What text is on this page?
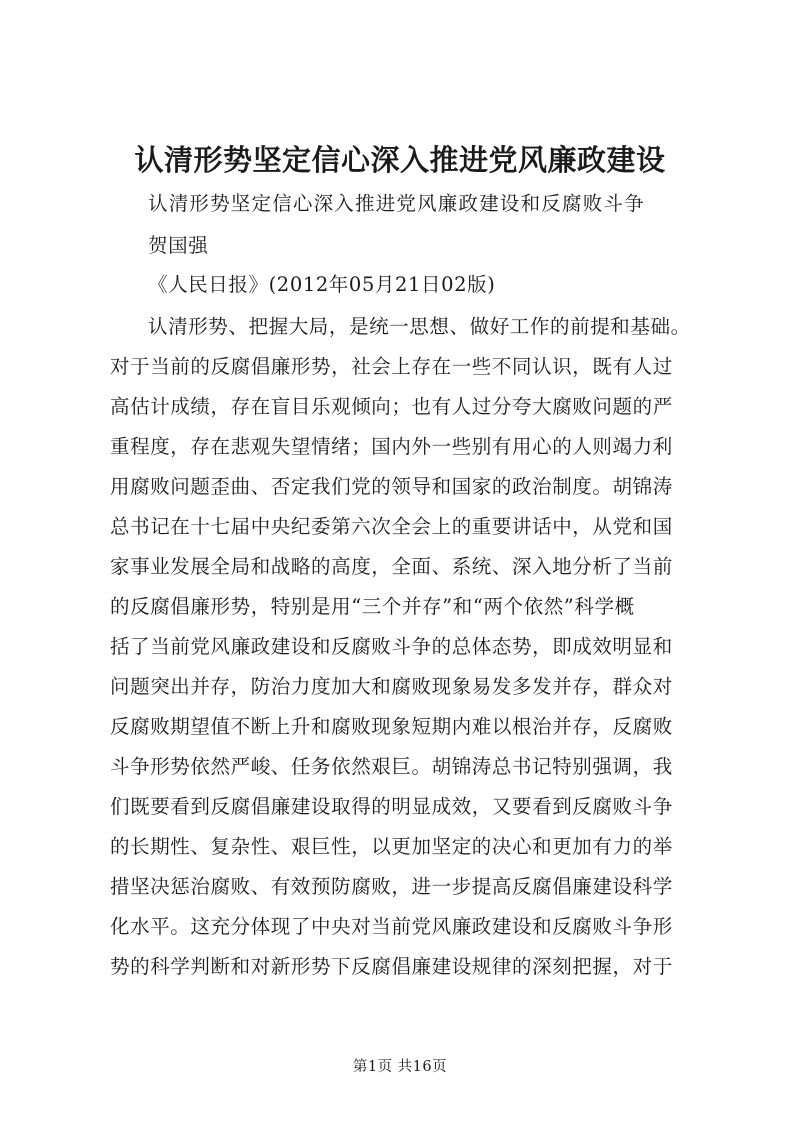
认清形势坚定信心深入推进党风廉政建设
认清形势坚定信心深入推进党风廉政建设和反腐败斗争
贺国强
《人民日报》(2012年05月21日02版)
认清形势、把握大局，是统一思想、做好工作的前提和基础。
对于当前的反腐倡廉形势，社会上存在一些不同认识，既有人过
高估计成绩，存在盲目乐观倾向；也有人过分夸大腐败问题的严
重程度，存在悲观失望情绪；国内外一些别有用心的人则竭力利
用腐败问题歪曲、否定我们党的领导和国家的政治制度。胡锦涛
总书记在十七届中央纪委第六次全会上的重要讲话中，从党和国
家事业发展全局和战略的高度，全面、系统、深入地分析了当前
的反腐倡廉形势，特别是用“三个并存”和“两个依然”科学概
括了当前党风廉政建设和反腐败斗争的总体态势，即成效明显和
问题突出并存，防治力度加大和腐败现象易发多发并存，群众对
反腐败期望值不断上升和腐败现象短期内难以根治并存，反腐败
斗争形势依然严峻、任务依然艰巨。胡锦涛总书记特别强调，我
们既要看到反腐倡廉建设取得的明显成效，又要看到反腐败斗争
的长期性、复杂性、艰巨性，以更加坚定的决心和更加有力的举
措坚决惩治腐败、有效预防腐败，进一步提高反腐倡廉建设科学
化水平。这充分体现了中央对当前党风廉政建设和反腐败斗争形
势的科学判断和对新形势下反腐倡廉建设规律的深刻把握，对于
第1页 共16页
